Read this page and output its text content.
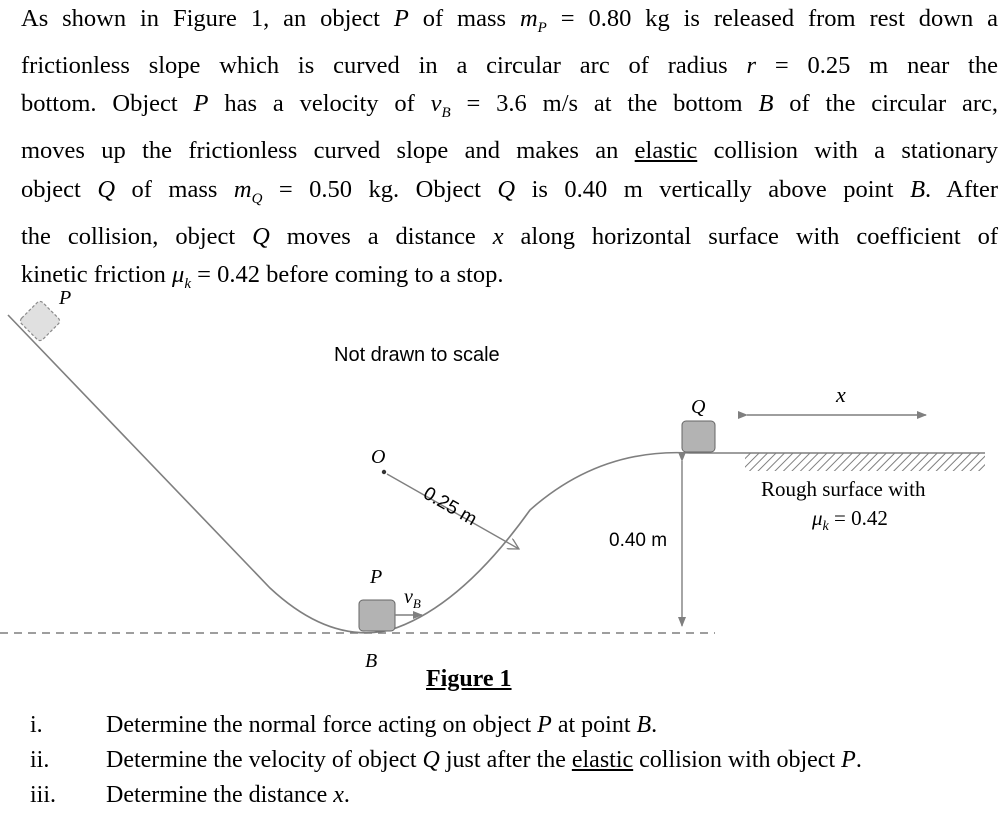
As shown in Figure 1, an object P of mass $m_P = 0.80$ kg is released from rest down a
frictionless slope which is curved in a circular arc of radius r = 0.25 m near the
bottom. Object P has a velocity of $v_B = 3.6$ m/s at the bottom B of the circular arc,
moves up the frictionless curved slope and makes an elastic collision with a stationary
object Q of mass $m_Q = 0.50$ kg. Object Q is 0.40 m vertically above point B. After
the collision, object Q moves a distance x along horizontal surface with coefficient of
kinetic friction $\mu_k = 0.42$ before coming to a stop.
P
Not drawn to scale
O
0.25 m
P
$v_B$
B
Q
0.40 m
x
Rough surface with
$\mu_k = 0.42$
Figure 1
i.	Determine the normal force acting on object P at point B.
ii. Determine the velocity of object Q just after the elastic collision with object P.
iii. Determine the distance x.
